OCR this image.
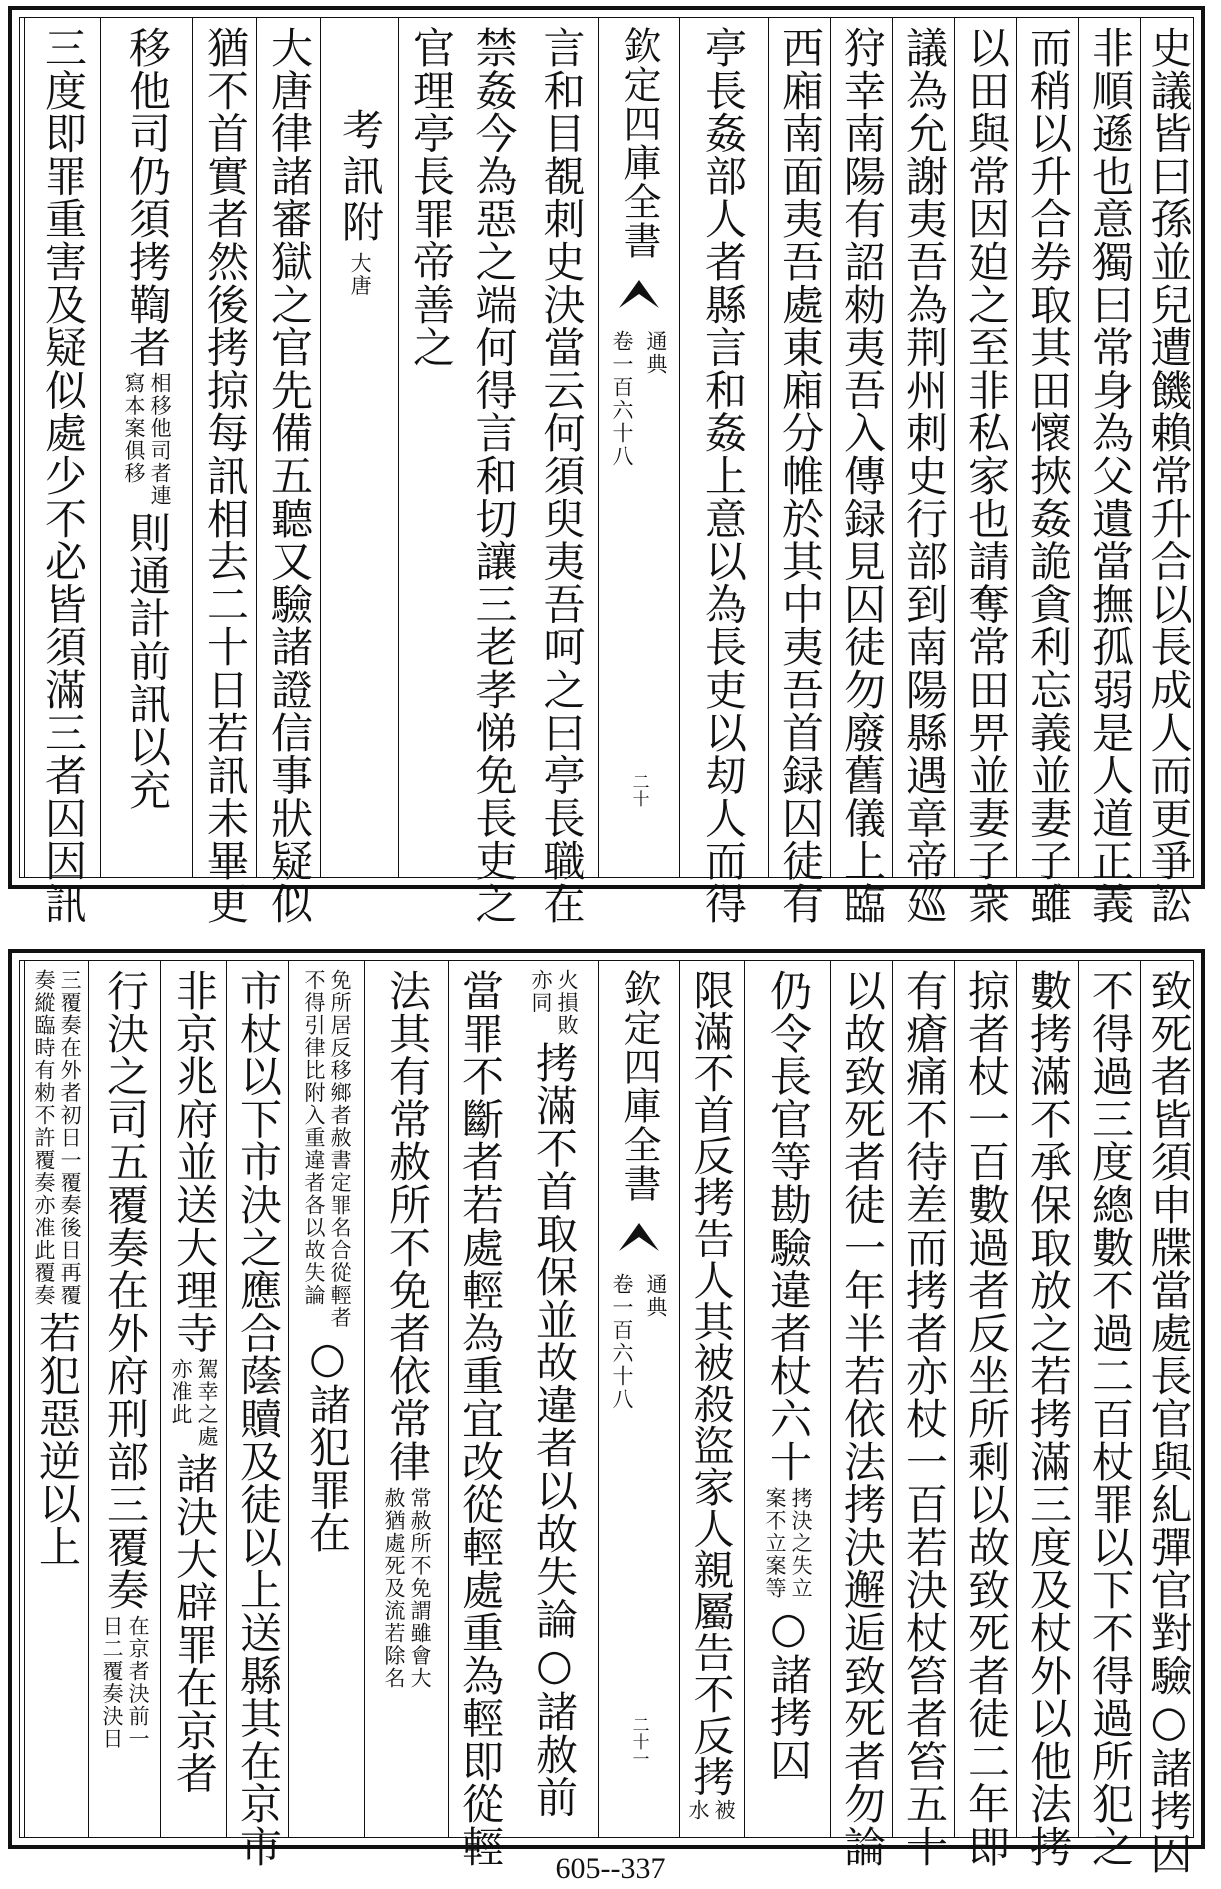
史議皆曰孫並兒遭饑賴常升合以長成人而更爭訟
非順遜也意獨曰常身為父遺當撫孤弱是人道正義
而稍以升合券取其田懷挾姦詭貪利忘義並妻子雖
以田與常因廹之至非私家也請奪常田畀並妻子衆
議為允謝夷吾為荆州刺史行部到南陽縣遇章帝廵
狩幸南陽有詔勑夷吾入傳録見囚徒勿廢舊儀上臨
西廂南面夷吾處東廂分帷於其中夷吾首録囚徒有
亭長姦部人者縣言和姦上意以為長吏以刧人而得
欽定四庫全書
通典
卷一百六十八
二十
言和目覩刺史決當云何須臾夷吾呵之曰亭長職在
禁姦今為惡之端何得言和切讓三老孝悌免長吏之
官理亭長罪帝善之
考訊附
大唐
大唐律諸審獄之官先備五聽又驗諸證信事狀疑似
猶不首實者然後拷掠每訊相去二十日若訊未畢更
移他司仍須拷鞫者
相移他司者連
寫本案俱移
則通計前訊以充
三度即罪重害及疑似處少不必皆須滿三者囚因訊
致死者皆須申牒當處長官與糺彈官對驗○諸拷囚
不得過三度總數不過二百杖罪以下不得過所犯之
數拷滿不承保取放之若拷滿三度及杖外以他法拷
掠者杖一百數過者反坐所剩以故致死者徒二年即
有瘡痛不待差而拷者亦杖一百若決杖笞者笞五十
以故致死者徒一年半若依法拷決邂逅致死者勿論
仍令長官等勘驗違者杖六十
拷決之失立
案不立案等
○諸拷囚
限滿不首反拷告人其被殺盜家人親屬告不反拷
被
水
欽定四庫全書
通典
卷一百六十八
二十一
火損敗
亦同
拷滿不首取保並故違者以故失論○諸赦前
當罪不斷者若處輕為重宜改從輕處重為輕即從輕
法其有常赦所不免者依常律
常赦所不免謂雖會大
赦猶處死及流若除名
免所居反移鄉者赦書定罪名合從輕者
不得引律比附入重違者各以故失論
○諸犯罪在
市杖以下市決之應合蔭贖及徒以上送縣其在京市
非京兆府並送大理寺
駕幸之處
亦准此
諸決大辟罪在京者
行決之司五覆奏在外府刑部三覆奏
在京者決前一
日二覆奏決日
三覆奏在外者初日一覆奏後日再覆
奏縱臨時有勑不許覆奏亦准此覆奏
若犯惡逆以上
605--337
